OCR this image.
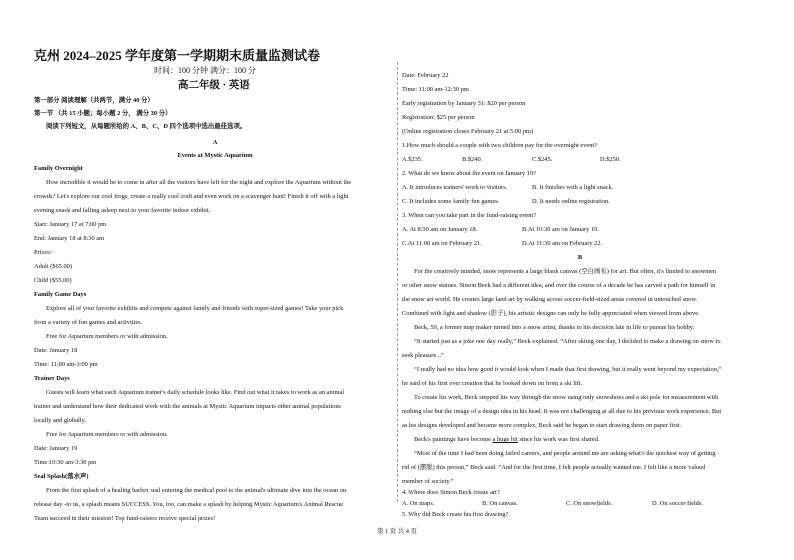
克州 2024–2025 学年度第一学期期末质量监测试卷
时间：100 分钟 满分：100 分
高二年级 · 英语
第一部分 阅读理解（共两节，满分 40 分）
第一节 （共 15 小题；每小题 2 分， 满分 30 分）
阅读下列短文，从每题所给的 A、B、C、D 四个选项中选出最佳选项。
A
Events at Mystic Aquarium
Family Overnight
How incredible it would be to come in after all the visitors have left for the night and explore the Aquarium without the
crowds? Let's explore our cool frogs, create a really cool craft and even work on a scavenger hunt! Finish it off with a light
evening snack and falling asleep next to your favorite indoor exhibit.
Start: January 17 at 7:00 pm
End: January 18 at 8:30 am
Prices:
Adult ($65.00)
Child ($55.00)
Family Game Days
Explore all of your favorite exhibits and compete against family and friends with super-sized games! Take your pick
from a variety of fun games and activities.
Free for Aquarium members or with admission.
Date: January 18
Time: 11:00 am-3:00 pm
Trainer Days
Guests will learn what each Aquarium trainer's daily schedule looks like. Find out what it takes to work as an animal
trainer and understand how their dedicated work with the animals at Mystic Aquarium impacts other animal populations
locally and globally.
Free for Aquarium members or with admission.
Date: January 19
Time:10:30 am-3:30 pm
Seal Splash(落水声)
From the first splash of a healing harbor seal entering the medical pool to the animal's ultimate dive into the ocean on
release day -to us, a splash means SUCCESS. You, too, can make a splash by helping Mystic Aquarium's Animal Rescue
Team succeed in their mission! Top fund-raisers receive special prizes!
Date: February 22
Time: 11:00 am-12:30 pm
Early registration by January 31: $20 per person
Registration: $25 per person
(Online registration closes February 21 at 5:00 pm)
1.How much should a couple with two children pay for the overnight event?
A.$235.	B.$240.	C.$245.	D.$250.
2. What do we know about the event on January 19?
A. It introduces trainers' work to visitors.	B. It finishes with a light snack.
C. It includes some family fun games.	D. It needs online registration.
3. When can you take part in the fund-raising event?
A. At 8:30 am on January 18.	B.At 10:30 am on January 19.
C.At 11:00 am on February 21.	D.At 11:30 am on February 22.
B
For the creatively minded, snow represents a large blank canvas (空白画布) for art. But often, it's limited to snowmen
or other snow statues. Simon Beck had a different idea, and over the course of a decade he has carved a path for himself in
the snow art world. He creates large land art by walking across soccer-field-sized areas covered in untouched snow.
Combined with light and shadow (影子), his artistic designs can only be fully appreciated when viewed from above.
Beck, 59, a former map maker turned into a snow artist, thanks to his decision late in life to pursue his hobby.
“It started just as a joke one day really,” Beck explained. “After skiing one day, I decided to make a drawing on snow to
seek pleasure...”
“I really had no idea how good it would look when I made that first drawing, but it really went beyond my expectation,”
he said of his first ever creation that he looked down on from a ski lift.
To create his work, Beck stepped his way through the snow using only snowshoes and a ski pole for measurement with
nothing else but the image of a design idea in his head. It was not challenging at all due to his previous work experience. But
as his designs developed and became more complex, Beck said he began to start drawing them on paper first.
Beck's paintings have become a huge hit since his work was first shared.
“Most of the time I had been doing failed careers, and people around me are asking what's the quickest way of getting
rid of (摆脱) this person,” Beck said. “And for the first time, I felt people actually wanted me. I felt like a more valued
member of society.”
4. Where does Simon Beck create art?
A. On maps.	B. On canvas.	C. On snowfields.	D. On soccer fields.
5. Why did Beck create his first drawing?
第 1 页 共 4 页
